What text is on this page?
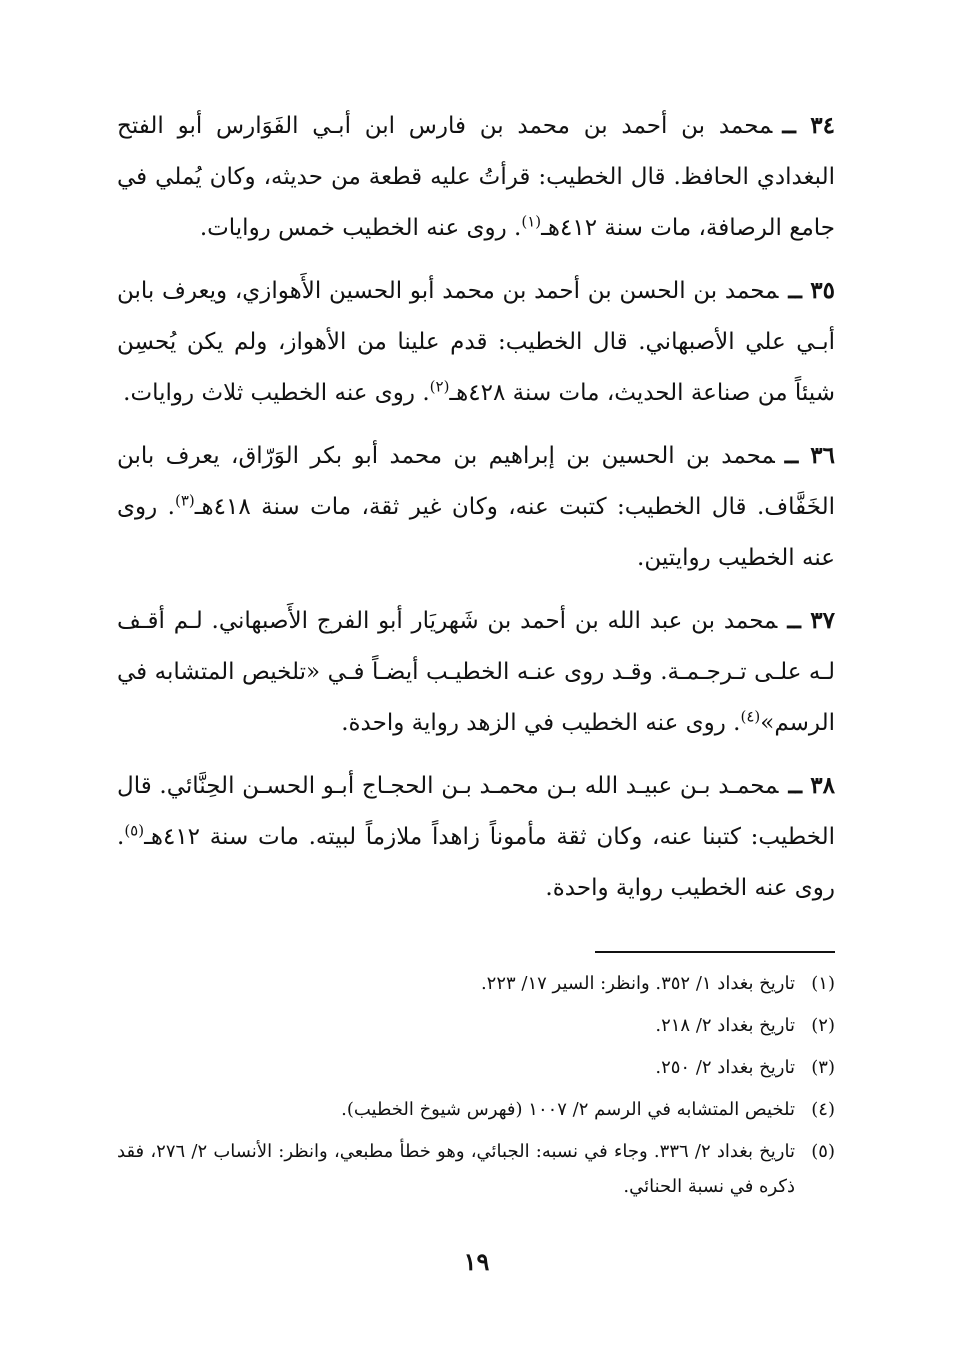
٣٤ ــمحمد بن أحمد بن محمد بن فارس ابن أبـي الفَوَارس أبو الفتح البغدادي الحافظ. قال الخطيب: قرأتُ عليه قطعة من حديثه، وكان يُملي في جامع الرصافة، مات سنة ٤١٢هـ$^{(١)}$. روى عنه الخطيب خمس روايات.

٣٥ ــمحمد بن الحسن بن أحمد بن محمد أبو الحسين الأَهوازي، ويعرف بابن أبـي علي الأصبهاني. قال الخطيب: قدم علينا من الأهواز، ولم يكن يُحسِن شيئاً من صناعة الحديث، مات سنة ٤٢٨هـ$^{(٢)}$. روى عنه الخطيب ثلاث روايات.

٣٦ ــمحمد بن الحسين بن إبراهيم بن محمد أبو بكر الوَرّاق، يعرف بابن الخَفَّاف. قال الخطيب: كتبت عنه، وكان غير ثقة، مات سنة ٤١٨هـ$^{(٣)}$. روى عنه الخطيب روايتين.

٣٧ ــمحمد بن عبد الله بن أحمد بن شَهريَار أبو الفرج الأَصبهاني. لـم أقـف لـه علـى تـرجـمـة. وقـد روى عنـه الخطيـب أيضـاً فـي «تلخيص المتشابه في الرسم»$^{(٤)}$. روى عنه الخطيب في الزهد رواية واحدة.

٣٨ ــمحمـد بـن عبيـد الله بـن محمـد بـن الحجـاج أبـو الحسـن الحِنَّائي. قال الخطيب: كتبنا عنه، وكان ثقة مأموناً زاهداً ملازماً لبيته. مات سنة ٤١٢هـ$^{(٥)}$. روى عنه الخطيب رواية واحدة.

(١)
تاريخ بغداد ١/ ٣٥٢. وانظر: السير ١٧/ ٢٢٣.
(٢)
تاريخ بغداد ٢/ ٢١٨.
(٣)
تاريخ بغداد ٢/ ٢٥٠.
(٤)
تلخيص المتشابه في الرسم ٢/ ١٠٠٧ (فهرس شيوخ الخطيب).
(٥)
تاريخ بغداد ٢/ ٣٣٦. وجاء في نسبه: الجبائي، وهو خطأ مطبعي، وانظر: الأنساب ٢/ ٢٧٦، فقد ذكره في نسبة الحنائي.
١٩
